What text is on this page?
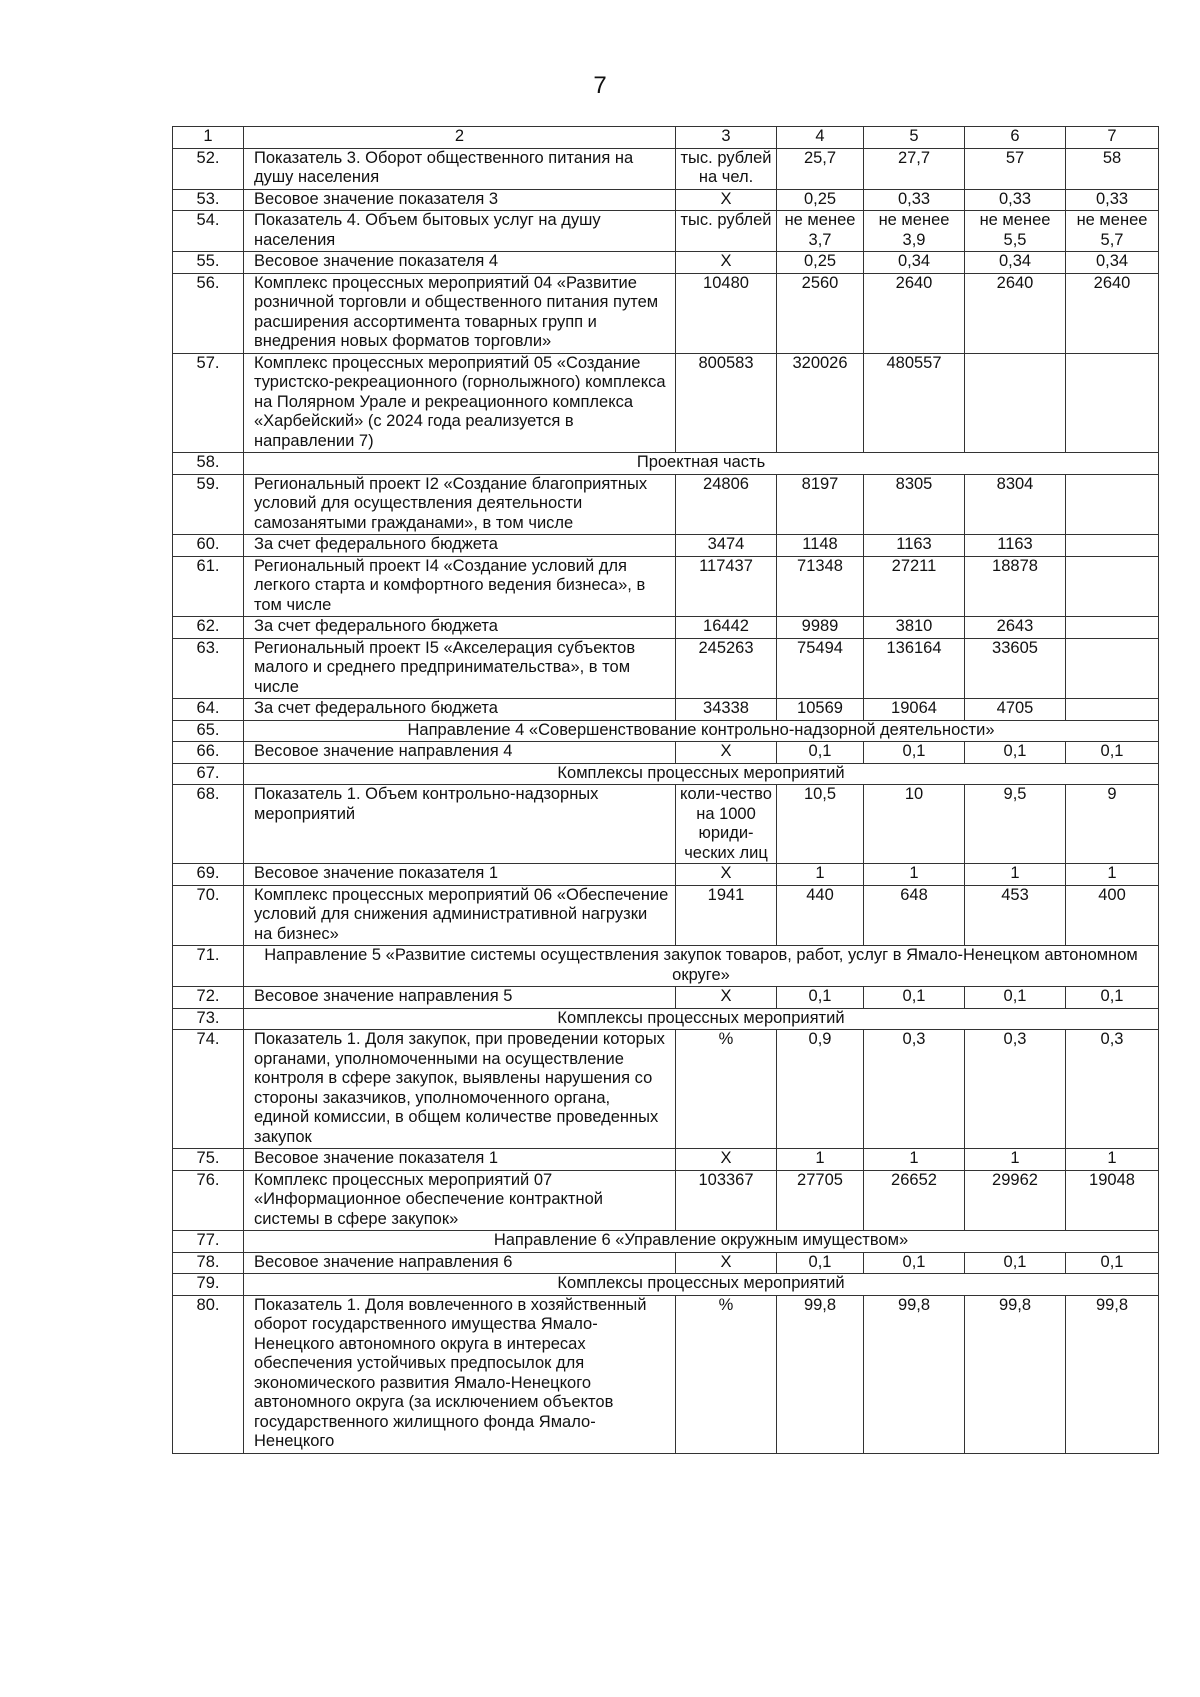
7
1	2	3	4	5	6	7
52.	Показатель 3. Оборот общественного питания на душу населения	тыс. рублей на чел.	25,7	27,7	57	58
53.	Весовое значение показателя 3	Х	0,25	0,33	0,33	0,33
54.	Показатель 4. Объем бытовых услуг на душу населения	тыс. рублей	не менее 3,7	не менее 3,9	не менее 5,5	не менее 5,7
55.	Весовое значение показателя 4	Х	0,25	0,34	0,34	0,34
56.	Комплекс процессных мероприятий 04 «Развитие розничной торговли и общественного питания путем расширения ассортимента товарных групп и внедрения новых форматов торговли»	10480	2560	2640	2640	2640
57.	Комплекс процессных мероприятий 05 «Создание туристско-рекреационного (горнолыжного) комплекса на Полярном Урале и рекреационного комплекса «Харбейский» (с 2024 года реализуется в направлении 7)	800583	320026	480557		
58.	Проектная часть					
59.	Региональный проект I2 «Создание благоприятных условий для осуществления деятельности самозанятыми гражданами», в том числе	24806	8197	8305	8304	
60.	За счет федерального бюджета	3474	1148	1163	1163	
61.	Региональный проект I4 «Создание условий для легкого старта и комфортного ведения бизнеса», в том числе	117437	71348	27211	18878	
62.	За счет федерального бюджета	16442	9989	3810	2643	
63.	Региональный проект I5 «Акселерация субъектов малого и среднего предпринимательства», в том числе	245263	75494	136164	33605	
64.	За счет федерального бюджета	34338	10569	19064	4705	
65.	Направление 4 «Совершенствование контрольно-надзорной деятельности»					
66.	Весовое значение направления 4	Х	0,1	0,1	0,1	0,1
67.	Комплексы процессных мероприятий					
68.	Показатель 1. Объем контрольно-надзорных мероприятий	коли-чество на 1000 юриди-ческих лиц	10,5	10	9,5	9
69.	Весовое значение показателя 1	Х	1	1	1	1
70.	Комплекс процессных мероприятий 06 «Обеспечение условий для снижения административной нагрузки на бизнес»	1941	440	648	453	400
71.	Направление 5 «Развитие системы осуществления закупок товаров, работ, услуг в Ямало-Ненецком автономном округе»					
72.	Весовое значение направления 5	Х	0,1	0,1	0,1	0,1
73.	Комплексы процессных мероприятий					
74.	Показатель 1. Доля закупок, при проведении которых органами, уполномоченными на осуществление контроля в сфере закупок, выявлены нарушения со стороны заказчиков, уполномоченного органа, единой комиссии, в общем количестве проведенных закупок	%	0,9	0,3	0,3	0,3
75.	Весовое значение показателя 1	Х	1	1	1	1
76.	Комплекс процессных мероприятий 07 «Информационное обеспечение контрактной системы в сфере закупок»	103367	27705	26652	29962	19048
77.	Направление 6 «Управление окружным имуществом»					
78.	Весовое значение направления 6	Х	0,1	0,1	0,1	0,1
79.	Комплексы процессных мероприятий					
80.	Показатель 1. Доля вовлеченного в хозяйственный оборот государственного имущества Ямало-Ненецкого автономного округа в интересах обеспечения устойчивых предпосылок для экономического развития Ямало-Ненецкого автономного округа (за исключением объектов государственного жилищного фонда Ямало-Ненецкого	%	99,8	99,8	99,8	99,8
